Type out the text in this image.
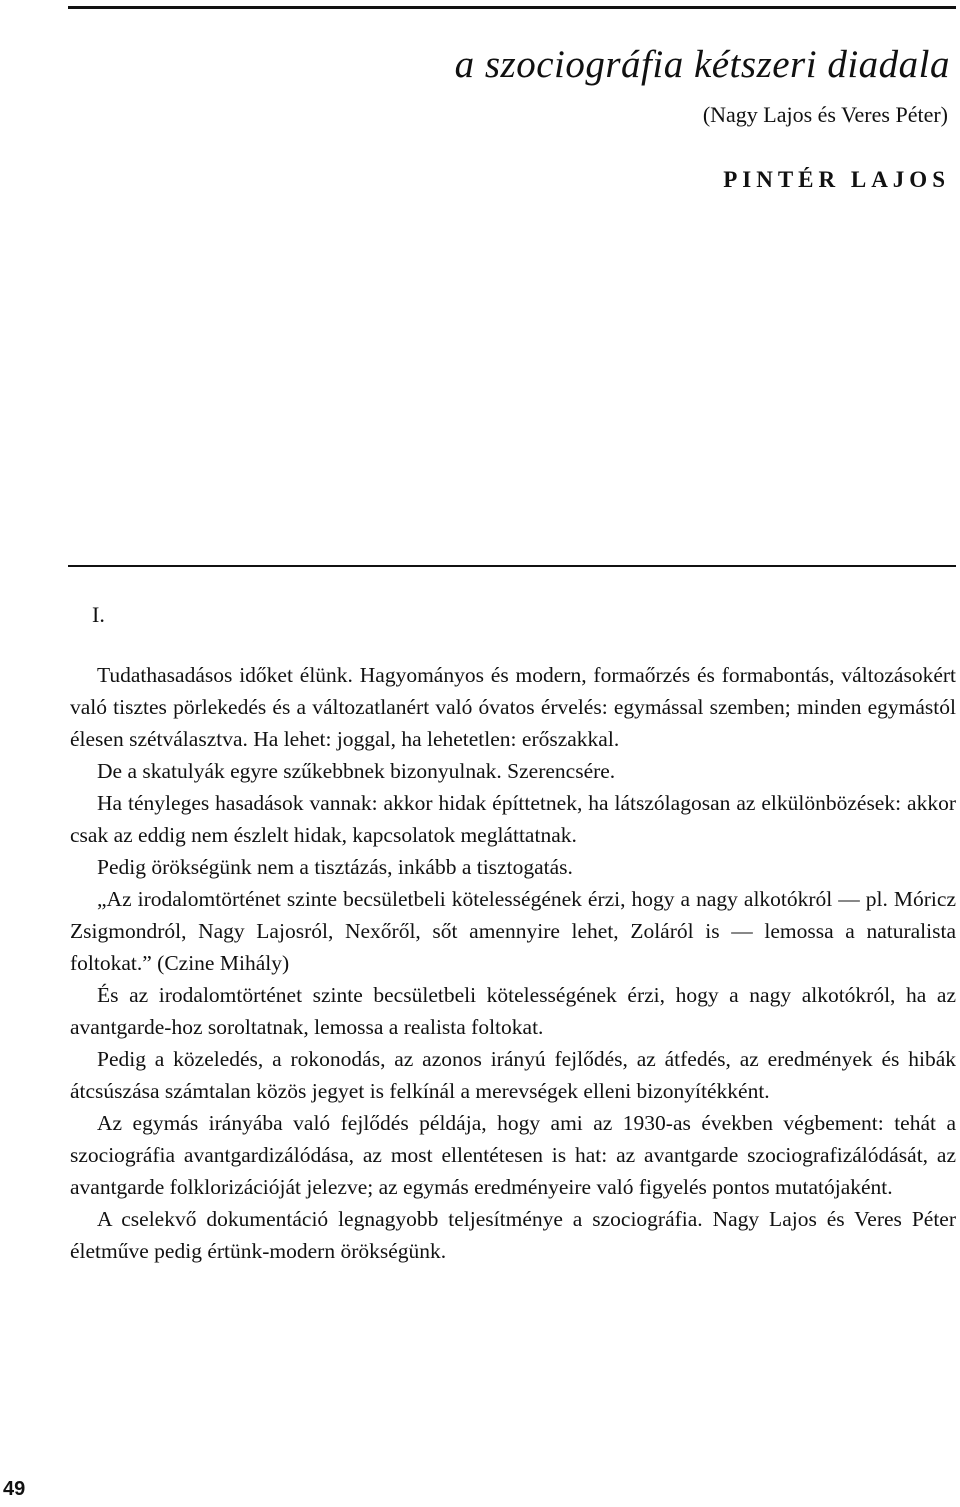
a szociográfia kétszeri diadala
(Nagy Lajos és Veres Péter)
PINTÉR LAJOS
I.

Tudathasadásos időket élünk. Hagyományos és modern, formaőrzés és formabontás, változásokért való tisztes pörlekedés és a változatlanért való óvatos érvelés: egymással szemben; minden egymástól élesen szétválasztva. Ha lehet: joggal, ha lehetetlen: erőszakkal.

De a skatulyák egyre szűkebbnek bizonyulnak. Szerencsére.

Ha tényleges hasadások vannak: akkor hidak építtetnek, ha látszólagosan az elkülönbözések: akkor csak az eddig nem észlelt hidak, kapcsolatok megláttatnak.

Pedig örökségünk nem a tisztázás, inkább a tisztogatás.

„Az irodalomtörténet szinte becsületbeli kötelességének érzi, hogy a nagy alkotókról — pl. Móricz Zsigmondról, Nagy Lajosról, Nexőről, sőt amennyire lehet, Zoláról is — lemossa a naturalista foltokat.” (Czine Mihály)

És az irodalomtörténet szinte becsületbeli kötelességének érzi, hogy a nagy alkotókról, ha az avantgarde-hoz soroltatnak, lemossa a realista foltokat.

Pedig a közeledés, a rokonodás, az azonos irányú fejlődés, az átfedés, az eredmények és hibák átcsúszása számtalan közös jegyet is felkínál a merevségek elleni bizonyítékként.

Az egymás irányába való fejlődés példája, hogy ami az 1930-as években végbement: tehát a szociográfia avantgardizálódása, az most ellentétesen is hat: az avantgarde szociografizálódását, az avantgarde folklorizációját jelezve; az egymás eredményeire való figyelés pontos mutatójaként.

A cselekvő dokumentáció legnagyobb teljesítménye a szociográfia. Nagy Lajos és Veres Péter életműve pedig értünk-modern örökségünk.

49
